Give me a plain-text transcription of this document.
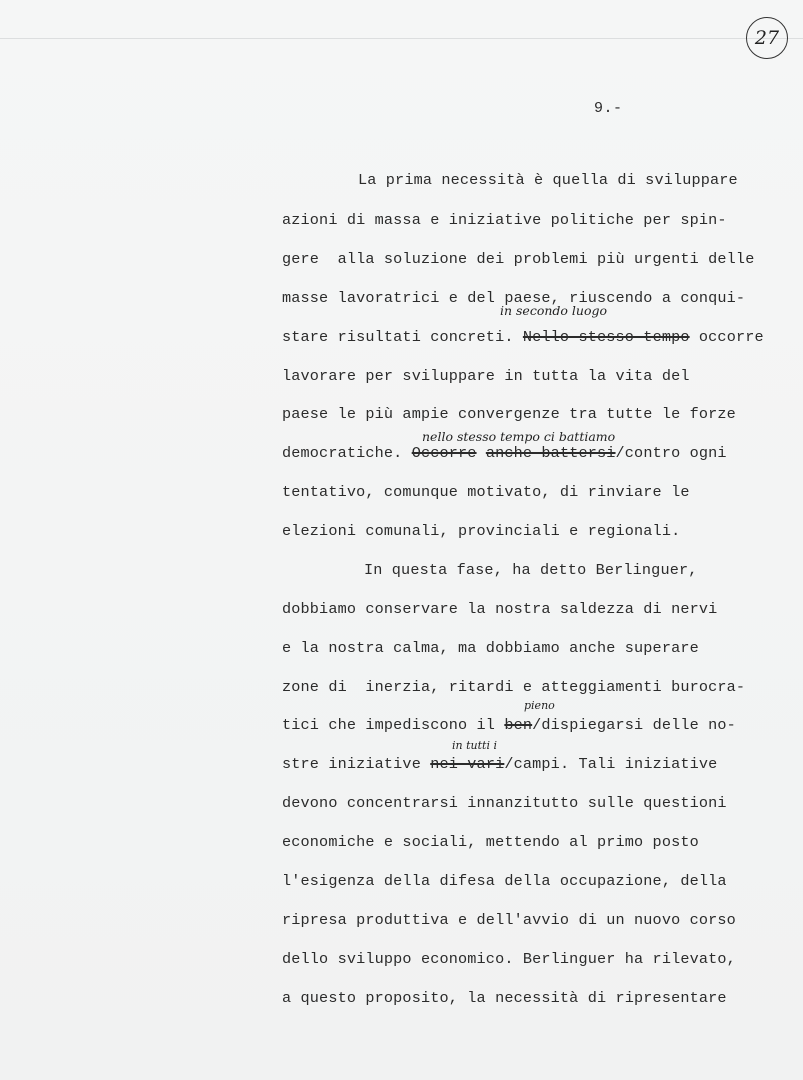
27
9.-
La prima necessità è quella di sviluppare
azioni di massa e iniziative politiche per spin-
gere  alla soluzione dei problemi più urgenti delle
masse lavoratrici e del paese, riuscendo a conqui-
in secondo luogo
stare risultati concreti. Nello stesso tempo occorre
lavorare per sviluppare in tutta la vita del
paese le più ampie convergenze tra tutte le forze
nello stesso tempo ci battiamo
democratiche. Occorre anche battersi/contro ogni
tentativo, comunque motivato, di rinviare le
elezioni comunali, provinciali e regionali.
In questa fase, ha detto Berlinguer,
dobbiamo conservare la nostra saldezza di nervi
e la nostra calma, ma dobbiamo anche superare
zone di  inerzia, ritardi e atteggiamenti burocra-
pieno
tici che impediscono il ben/dispiegarsi delle no-
in tutti i
stre iniziative nei vari/campi. Tali iniziative
devono concentrarsi innanzitutto sulle questioni
economiche e sociali, mettendo al primo posto
l'esigenza della difesa della occupazione, della
ripresa produttiva e dell'avvio di un nuovo corso
dello sviluppo economico. Berlinguer ha rilevato,
a questo proposito, la necessità di ripresentare
